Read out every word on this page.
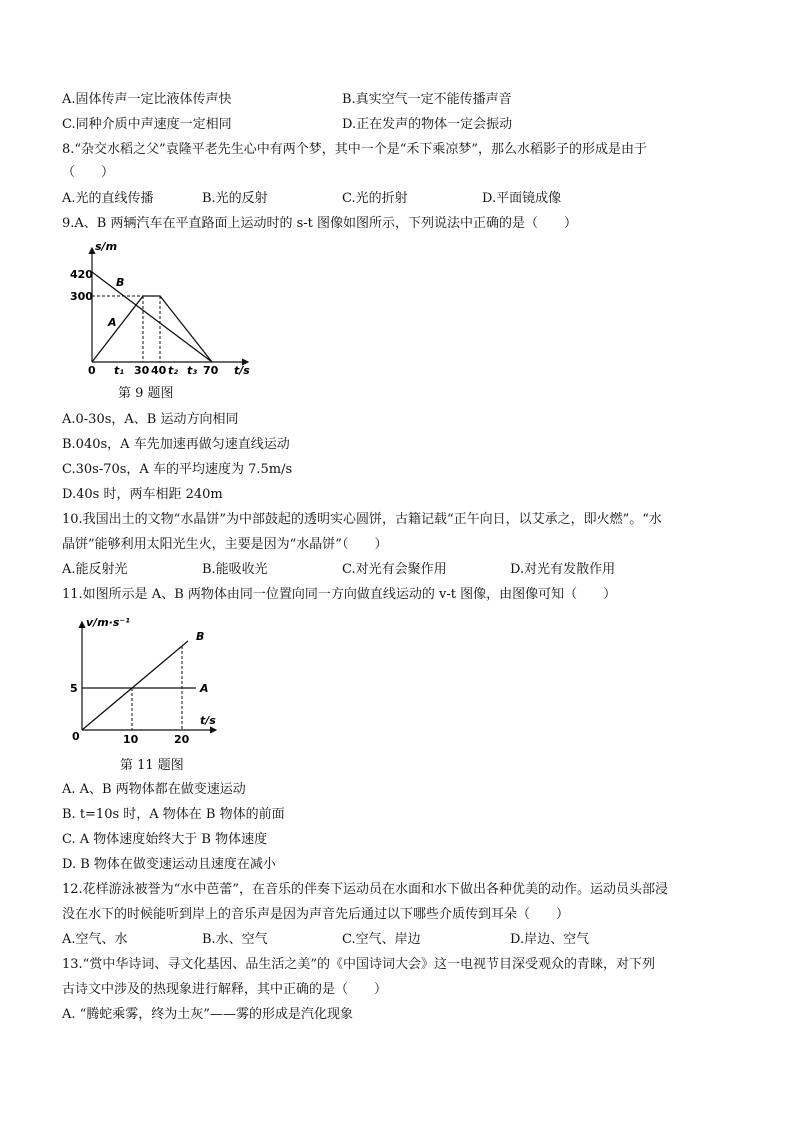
A.固体传声一定比液体传声快	B.真实空气一定不能传播声音
C.同种介质中声速度一定相同	D.正在发声的物体一定会振动
8.“杂交水稻之父”袁隆平老先生心中有两个梦，其中一个是“禾下乘凉梦”，那么水稻影子的形成是由于
（　　）
A.光的直线传播	B.光的反射	C.光的折射	D.平面镜成像
9.A、B 两辆汽车在平直路面上运动时的 s-t 图像如图所示，下列说法中正确的是（　　）
s/m
t/s
420
300
0 t₁ 30 40 t₂ t₃ 70
B
A
第 9 题图
A.0-30s，A、B 运动方向相同
B.040s，A 车先加速再做匀速直线运动
C.30s-70s，A 车的平均速度为 7.5m/s
D.40s 时，两车相距 240m
10.我国出土的文物“水晶饼”为中部鼓起的透明实心圆饼，古籍记载“正午向日，以艾承之，即火燃”。“水
晶饼”能够利用太阳光生火，主要是因为“水晶饼”（　　）
A.能反射光	B.能吸收光	C.对光有会聚作用	D.对光有发散作用
11.如图所示是 A、B 两物体由同一位置向同一方向做直线运动的 v-t 图像，由图像可知（　　）
v/m·s⁻¹
t/s
5
0	10	20
A
B
第 11 题图
A. A、B 两物体都在做变速运动
B. t=10s 时，A 物体在 B 物体的前面
C. A 物体速度始终大于 B 物体速度
D. B 物体在做变速运动且速度在减小
12.花样游泳被誉为“水中芭蕾”，在音乐的伴奏下运动员在水面和水下做出各种优美的动作。运动员头部浸
没在水下的时候能听到岸上的音乐声是因为声音先后通过以下哪些介质传到耳朵（　　）
A.空气、水	B.水、空气	C.空气、岸边	D.岸边、空气
13.“赏中华诗词、寻文化基因、品生活之美”的《中国诗词大会》这一电视节目深受观众的青睐，对下列
古诗文中涉及的热现象进行解释，其中正确的是（　　）
A. “腾蛇乘雾，终为土灰”——雾的形成是汽化现象
